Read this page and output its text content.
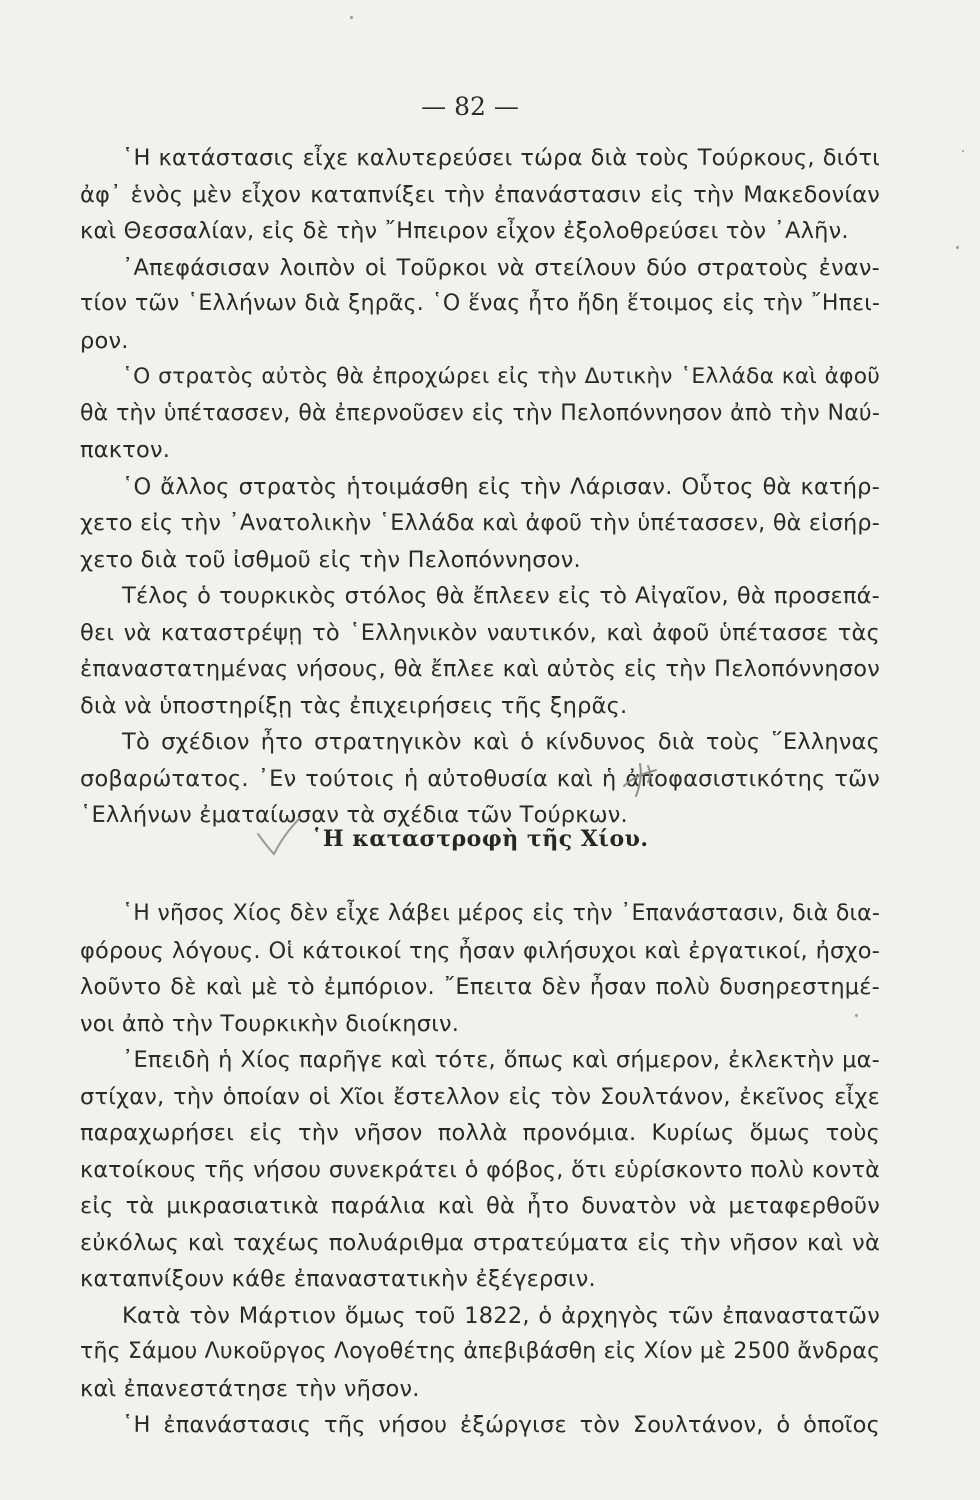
— 82 —
῾Η κατάστασις εἶχε καλυτερεύσει τώρα διὰ τοὺς Τούρκους, διότι
ἀφ᾽ ἑνὸς μὲν εἶχον καταπνίξει τὴν ἐπανάστασιν εἰς τὴν Μακεδονίαν
καὶ Θεσσαλίαν, εἰς δὲ τὴν ῎Ηπειρον εἶχον ἐξολοθρεύσει τὸν ᾽Αλῆν.
᾽Απεφάσισαν λοιπὸν οἱ Τοῦρκοι νὰ στείλουν δύο στρατοὺς ἐναν-
τίον τῶν ῾Ελλήνων διὰ ξηρᾶς. ῾Ο ἕνας ἦτο ἤδη ἕτοιμος εἰς τὴν ῎Ηπει-
ρον.
῾Ο στρατὸς αὐτὸς θὰ ἐπροχώρει εἰς τὴν Δυτικὴν ῾Ελλάδα καὶ ἀφοῦ
θὰ τὴν ὑπέτασσεν, θὰ ἐπερνοῦσεν εἰς τὴν Πελοπόννησον ἀπὸ τὴν Ναύ-
πακτον.
῾Ο ἄλλος στρατὸς ἡτοιμάσθη εἰς τὴν Λάρισαν. Οὗτος θὰ κατήρ-
χετο εἰς τὴν ᾽Ανατολικὴν ῾Ελλάδα καὶ ἀφοῦ τὴν ὑπέτασσεν, θὰ εἰσήρ-
χετο διὰ τοῦ ἰσθμοῦ εἰς τὴν Πελοπόννησον.
Τέλος ὁ τουρκικὸς στόλος θὰ ἔπλεεν εἰς τὸ Αἰγαῖον, θὰ προσεπά-
θει νὰ καταστρέψῃ τὸ ῾Ελληνικὸν ναυτικόν, καὶ ἀφοῦ ὑπέτασσε τὰς
ἐπαναστατημένας νήσους, θὰ ἔπλεε καὶ αὐτὸς εἰς τὴν Πελοπόννησον
διὰ νὰ ὑποστηρίξῃ τὰς ἐπιχειρήσεις τῆς ξηρᾶς.
Τὸ σχέδιον ἦτο στρατηγικὸν καὶ ὁ κίνδυνος διὰ τοὺς ῞Ελληνας
σοβαρώτατος. ᾽Εν τούτοις ἡ αὐτοθυσία καὶ ἡ ἀποφασιστικότης τῶν
῾Ελλήνων ἐματαίωσαν τὰ σχέδια τῶν Τούρκων.
῾Η καταστροφὴ τῆς Χίου.
῾Η νῆσος Χίος δὲν εἶχε λάβει μέρος εἰς τὴν ᾽Επανάστασιν, διὰ δια-
φόρους λόγους. Οἱ κάτοικοί της ἦσαν φιλήσυχοι καὶ ἐργατικοί, ἠσχο-
λοῦντο δὲ καὶ μὲ τὸ ἐμπόριον. ῎Επειτα δὲν ἦσαν πολὺ δυσηρεστημέ-
νοι ἀπὸ τὴν Τουρκικὴν διοίκησιν.
᾽Επειδὴ ἡ Χίος παρῆγε καὶ τότε, ὅπως καὶ σήμερον, ἐκλεκτὴν μα-
στίχαν, τὴν ὁποίαν οἱ Χῖοι ἔστελλον εἰς τὸν Σουλτάνον, ἐκεῖνος εἶχε
παραχωρήσει εἰς τὴν νῆσον πολλὰ προνόμια. Κυρίως ὅμως τοὺς
κατοίκους τῆς νήσου συνεκράτει ὁ φόβος, ὅτι εὑρίσκοντο πολὺ κοντὰ
εἰς τὰ μικρασιατικὰ παράλια καὶ θὰ ἦτο δυνατὸν νὰ μεταφερθοῦν
εὐκόλως καὶ ταχέως πολυάριθμα στρατεύματα εἰς τὴν νῆσον καὶ νὰ
καταπνίξουν κάθε ἐπαναστατικὴν ἐξέγερσιν.
Κατὰ τὸν Μάρτιον ὅμως τοῦ 1822, ὁ ἀρχηγὸς τῶν ἐπαναστατῶν
τῆς Σάμου Λυκοῦργος Λογοθέτης ἀπεβιβάσθη εἰς Χίον μὲ 2500 ἄνδρας
καὶ ἐπανεστάτησε τὴν νῆσον.
῾Η ἐπανάστασις τῆς νήσου ἐξώργισε τὸν Σουλτάνον, ὁ ὁποῖος
